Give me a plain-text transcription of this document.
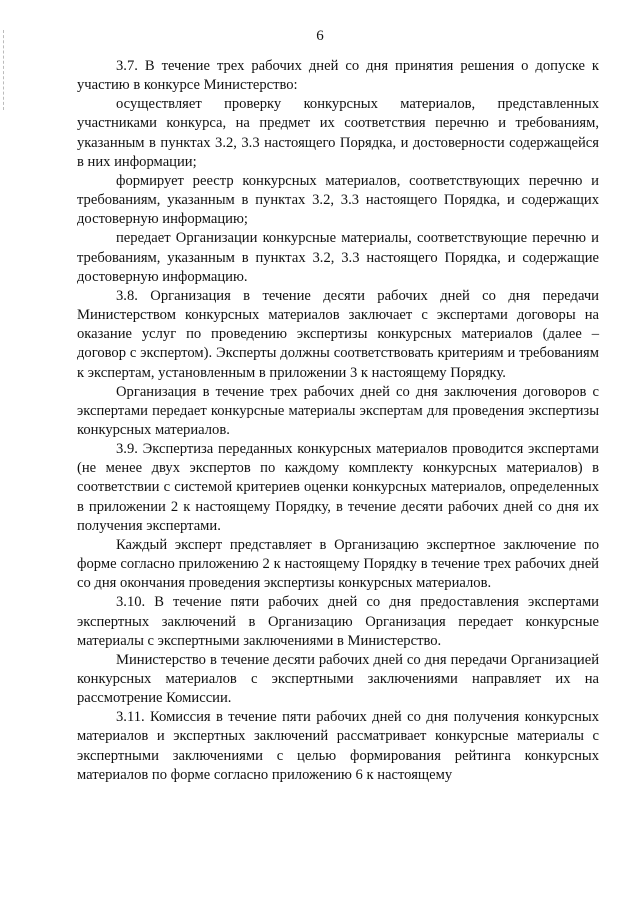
6

3.7. В течение трех рабочих дней со дня принятия решения о допуске к участию в конкурсе Министерство:

осуществляет проверку конкурсных материалов, представленных участниками конкурса, на предмет их соответствия перечню и требованиям, указанным в пунктах 3.2, 3.3 настоящего Порядка, и достоверности содержащейся в них информации;

формирует реестр конкурсных материалов, соответствующих перечню и требованиям, указанным в пунктах 3.2, 3.3 настоящего Порядка, и содержащих достоверную информацию;

передает Организации конкурсные материалы, соответствующие перечню и требованиям, указанным в пунктах 3.2, 3.3 настоящего Порядка, и содержащие достоверную информацию.

3.8. Организация в течение десяти рабочих дней со дня передачи Министерством конкурсных материалов заключает с экспертами договоры на оказание услуг по проведению экспертизы конкурсных материалов (далее – договор с экспертом). Эксперты должны соответствовать критериям и требованиям к экспертам, установленным в приложении 3 к настоящему Порядку.

Организация в течение трех рабочих дней со дня заключения договоров с экспертами передает конкурсные материалы экспертам для проведения экспертизы конкурсных материалов.

3.9. Экспертиза переданных конкурсных материалов проводится экспертами (не менее двух экспертов по каждому комплекту конкурсных материалов) в соответствии с системой критериев оценки конкурсных материалов, определенных в приложении 2 к настоящему Порядку, в течение десяти рабочих дней со дня их получения экспертами.

Каждый эксперт представляет в Организацию экспертное заключение по форме согласно приложению 2 к настоящему Порядку в течение трех рабочих дней со дня окончания проведения экспертизы конкурсных материалов.

3.10. В течение пяти рабочих дней со дня предоставления экспертами экспертных заключений в Организацию Организация передает конкурсные материалы с экспертными заключениями в Министерство.

Министерство в течение десяти рабочих дней со дня передачи Организацией конкурсных материалов с экспертными заключениями направляет их на рассмотрение Комиссии.

3.11. Комиссия в течение пяти рабочих дней со дня получения конкурсных материалов и экспертных заключений рассматривает конкурсные материалы с экспертными заключениями с целью формирования рейтинга конкурсных материалов по форме согласно приложению 6 к настоящему
